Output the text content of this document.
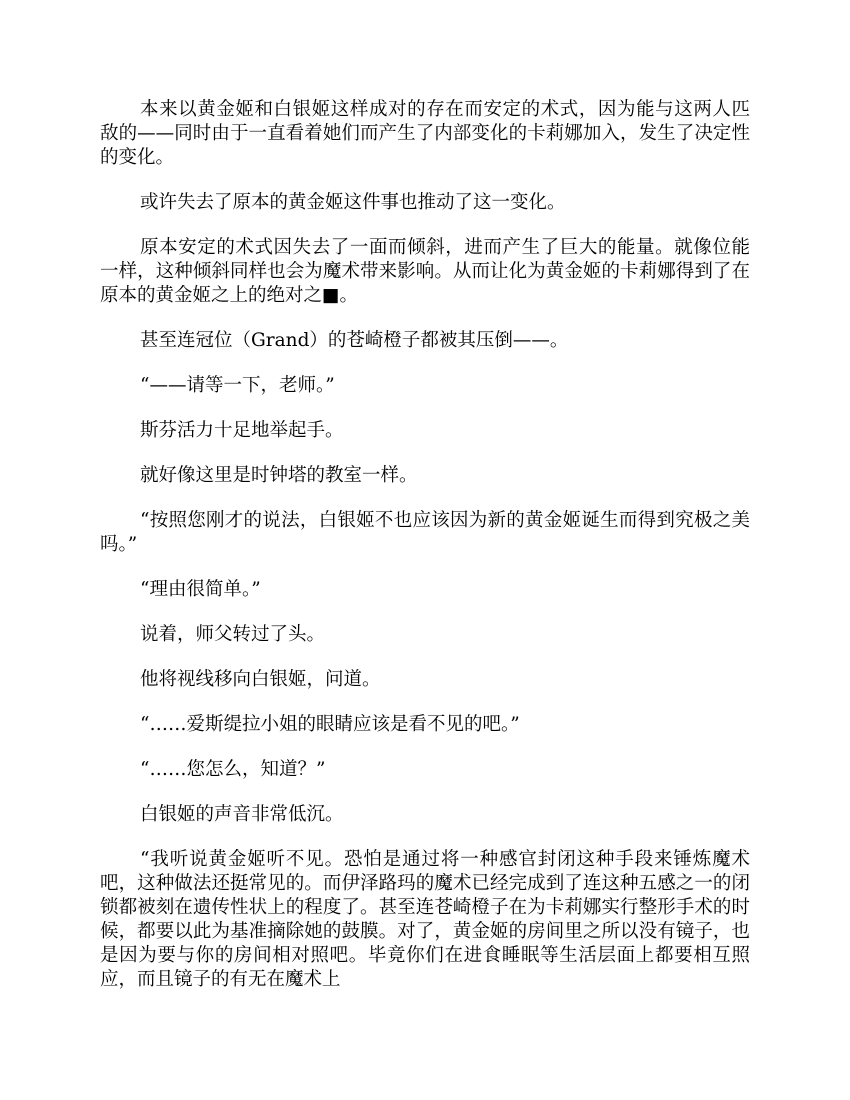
本来以黄金姬和白银姬这样成对的存在而安定的术式，因为能与这两人匹敌的——同时由于一直看着她们而产生了内部变化的卡莉娜加入，发生了决定性的变化。

或许失去了原本的黄金姬这件事也推动了这一变化。

原本安定的术式因失去了一面而倾斜，进而产生了巨大的能量。就像位能一样，这种倾斜同样也会为魔术带来影响。从而让化为黄金姬的卡莉娜得到了在原本的黄金姬之上的绝对之■。

甚至连冠位（Grand）的苍崎橙子都被其压倒——。

“——请等一下，老师。”

斯芬活力十足地举起手。

就好像这里是时钟塔的教室一样。

“按照您刚才的说法，白银姬不也应该因为新的黄金姬诞生而得到究极之美吗。”

“理由很简单。”

说着，师父转过了头。

他将视线移向白银姬，问道。

“……爱斯缇拉小姐的眼睛应该是看不见的吧。”

“……您怎么，知道？”

白银姬的声音非常低沉。

“我听说黄金姬听不见。恐怕是通过将一种感官封闭这种手段来锤炼魔术吧，这种做法还挺常见的。而伊泽路玛的魔术已经完成到了连这种五感之一的闭锁都被刻在遗传性状上的程度了。甚至连苍崎橙子在为卡莉娜实行整形手术的时候，都要以此为基准摘除她的鼓膜。对了，黄金姬的房间里之所以没有镜子，也是因为要与你的房间相对照吧。毕竟你们在进食睡眠等生活层面上都要相互照应，而且镜子的有无在魔术上
